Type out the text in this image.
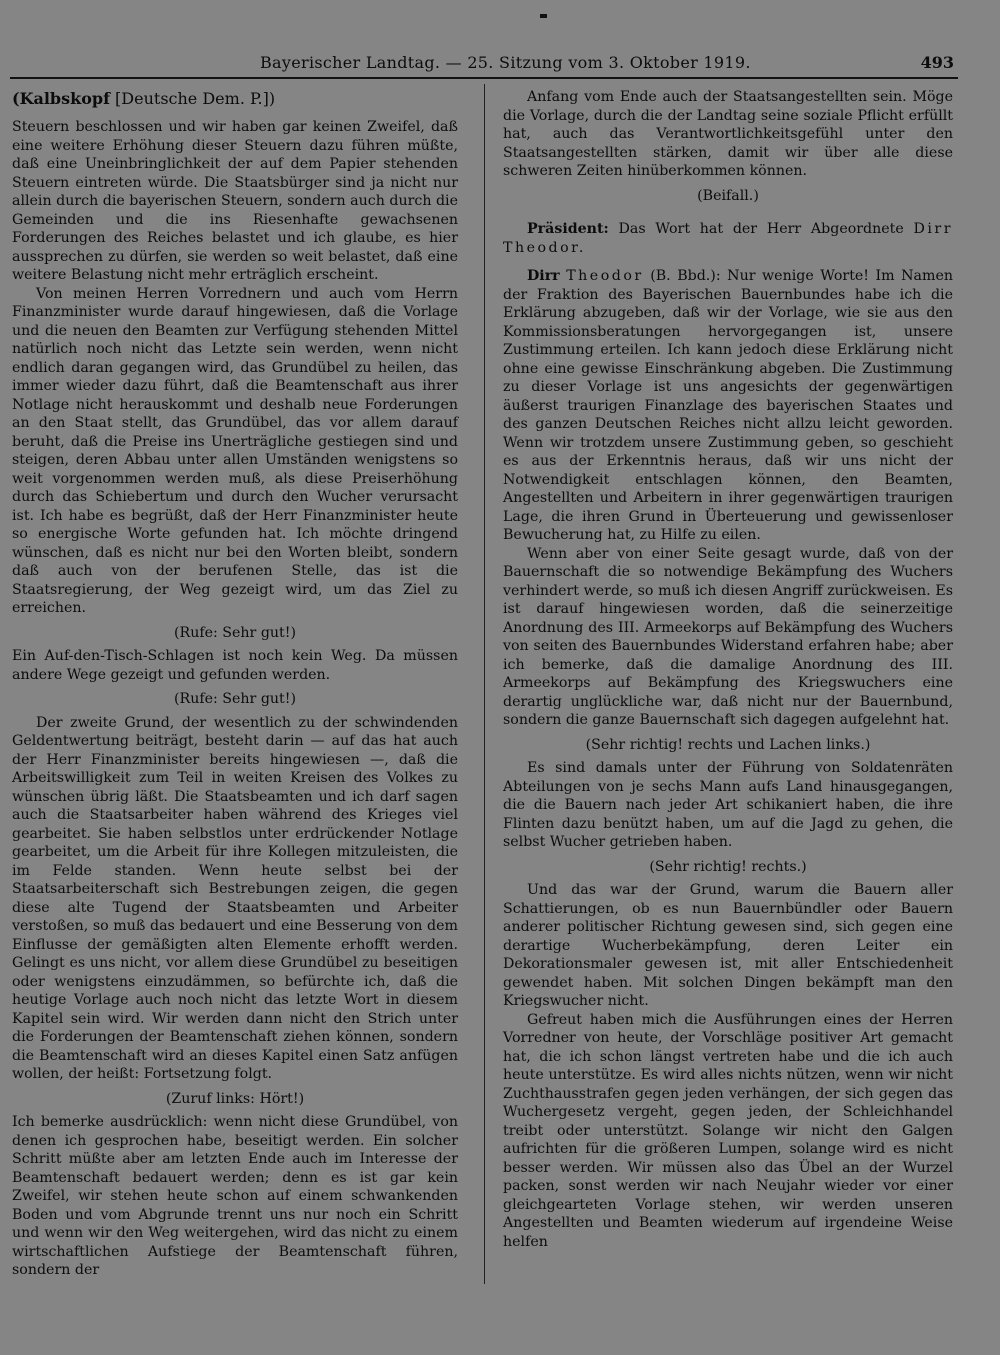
Bayerischer Landtag. — 25. Sitzung vom 3. Oktober 1919.	493
(Kalbskopf [Deutsche Dem. P.])

Steuern beschlossen und wir haben gar keinen Zweifel, daß eine weitere Erhöhung dieser Steuern dazu führen müßte, daß eine Uneinbringlichkeit der auf dem Papier stehenden Steuern eintreten würde. Die Staatsbürger sind ja nicht nur allein durch die bayerischen Steuern, sondern auch durch die Gemeinden und die ins Riesenhafte gewachsenen Forderungen des Reiches belastet und ich glaube, es hier aussprechen zu dürfen, sie werden so weit belastet, daß eine weitere Belastung nicht mehr erträglich erscheint.

Von meinen Herren Vorrednern und auch vom Herrn Finanzminister wurde darauf hingewiesen, daß die Vorlage und die neuen den Beamten zur Verfügung stehenden Mittel natürlich noch nicht das Letzte sein werden, wenn nicht endlich daran gegangen wird, das Grundübel zu heilen, das immer wieder dazu führt, daß die Beamtenschaft aus ihrer Notlage nicht herauskommt und deshalb neue Forderungen an den Staat stellt, das Grundübel, das vor allem darauf beruht, daß die Preise ins Unerträgliche gestiegen sind und steigen, deren Abbau unter allen Umständen wenigstens so weit vorgenommen werden muß, als diese Preiserhöhung durch das Schiebertum und durch den Wucher verursacht ist. Ich habe es begrüßt, daß der Herr Finanzminister heute so energische Worte gefunden hat. Ich möchte dringend wünschen, daß es nicht nur bei den Worten bleibt, sondern daß auch von der berufenen Stelle, das ist die Staatsregierung, der Weg gezeigt wird, um das Ziel zu erreichen.

(Rufe: Sehr gut!)

Ein Auf-den-Tisch-Schlagen ist noch kein Weg. Da müssen andere Wege gezeigt und gefunden werden.

(Rufe: Sehr gut!)

Der zweite Grund, der wesentlich zu der schwindenden Geldentwertung beiträgt, besteht darin — auf das hat auch der Herr Finanzminister bereits hingewiesen —, daß die Arbeitswilligkeit zum Teil in weiten Kreisen des Volkes zu wünschen übrig läßt. Die Staatsbeamten und ich darf sagen auch die Staatsarbeiter haben während des Krieges viel gearbeitet. Sie haben selbstlos unter erdrückender Notlage gearbeitet, um die Arbeit für ihre Kollegen mitzuleisten, die im Felde standen. Wenn heute selbst bei der Staatsarbeiterschaft sich Bestrebungen zeigen, die gegen diese alte Tugend der Staatsbeamten und Arbeiter verstoßen, so muß das bedauert und eine Besserung von dem Einflusse der gemäßigten alten Elemente erhofft werden. Gelingt es uns nicht, vor allem diese Grundübel zu beseitigen oder wenigstens einzudämmen, so befürchte ich, daß die heutige Vorlage auch noch nicht das letzte Wort in diesem Kapitel sein wird. Wir werden dann nicht den Strich unter die Forderungen der Beamtenschaft ziehen können, sondern die Beamtenschaft wird an dieses Kapitel einen Satz anfügen wollen, der heißt: Fortsetzung folgt.

(Zuruf links: Hört!)

Ich bemerke ausdrücklich: wenn nicht diese Grundübel, von denen ich gesprochen habe, beseitigt werden. Ein solcher Schritt müßte aber am letzten Ende auch im Interesse der Beamtenschaft bedauert werden; denn es ist gar kein Zweifel, wir stehen heute schon auf einem schwankenden Boden und vom Abgrunde trennt uns nur noch ein Schritt und wenn wir den Weg weitergehen, wird das nicht zu einem wirtschaftlichen Aufstiege der Beamtenschaft führen, sondern der

Anfang vom Ende auch der Staatsangestellten sein. Möge die Vorlage, durch die der Landtag seine soziale Pflicht erfüllt hat, auch das Verantwortlichkeitsgefühl unter den Staatsangestellten stärken, damit wir über alle diese schweren Zeiten hinüberkommen können.

(Beifall.)

Präsident: Das Wort hat der Herr Abgeordnete Dirr Theodor.

Dirr Theodor (B. Bbd.): Nur wenige Worte! Im Namen der Fraktion des Bayerischen Bauernbundes habe ich die Erklärung abzugeben, daß wir der Vorlage, wie sie aus den Kommissionsberatungen hervorgegangen ist, unsere Zustimmung erteilen. Ich kann jedoch diese Erklärung nicht ohne eine gewisse Einschränkung abgeben. Die Zustimmung zu dieser Vorlage ist uns angesichts der gegenwärtigen äußerst traurigen Finanzlage des bayerischen Staates und des ganzen Deutschen Reiches nicht allzu leicht geworden. Wenn wir trotzdem unsere Zustimmung geben, so geschieht es aus der Erkenntnis heraus, daß wir uns nicht der Notwendigkeit entschlagen können, den Beamten, Angestellten und Arbeitern in ihrer gegenwärtigen traurigen Lage, die ihren Grund in Überteuerung und gewissenloser Bewucherung hat, zu Hilfe zu eilen.

Wenn aber von einer Seite gesagt wurde, daß von der Bauernschaft die so notwendige Bekämpfung des Wuchers verhindert werde, so muß ich diesen Angriff zurückweisen. Es ist darauf hingewiesen worden, daß die seinerzeitige Anordnung des III. Armeekorps auf Bekämpfung des Wuchers von seiten des Bauernbundes Widerstand erfahren habe; aber ich bemerke, daß die damalige Anordnung des III. Armeekorps auf Bekämpfung des Kriegswuchers eine derartig unglückliche war, daß nicht nur der Bauernbund, sondern die ganze Bauernschaft sich dagegen aufgelehnt hat.

(Sehr richtig! rechts und Lachen links.)

Es sind damals unter der Führung von Soldatenräten Abteilungen von je sechs Mann aufs Land hinausgegangen, die die Bauern nach jeder Art schikaniert haben, die ihre Flinten dazu benützt haben, um auf die Jagd zu gehen, die selbst Wucher getrieben haben.

(Sehr richtig! rechts.)

Und das war der Grund, warum die Bauern aller Schattierungen, ob es nun Bauernbündler oder Bauern anderer politischer Richtung gewesen sind, sich gegen eine derartige Wucherbekämpfung, deren Leiter ein Dekorationsmaler gewesen ist, mit aller Entschiedenheit gewendet haben. Mit solchen Dingen bekämpft man den Kriegswucher nicht.

Gefreut haben mich die Ausführungen eines der Herren Vorredner von heute, der Vorschläge positiver Art gemacht hat, die ich schon längst vertreten habe und die ich auch heute unterstütze. Es wird alles nichts nützen, wenn wir nicht Zuchthausstrafen gegen jeden verhängen, der sich gegen das Wuchergesetz vergeht, gegen jeden, der Schleichhandel treibt oder unterstützt. Solange wir nicht den Galgen aufrichten für die größeren Lumpen, solange wird es nicht besser werden. Wir müssen also das Übel an der Wurzel packen, sonst werden wir nach Neujahr wieder vor einer gleichgearteten Vorlage stehen, wir werden unseren Angestellten und Beamten wiederum auf irgendeine Weise helfen
